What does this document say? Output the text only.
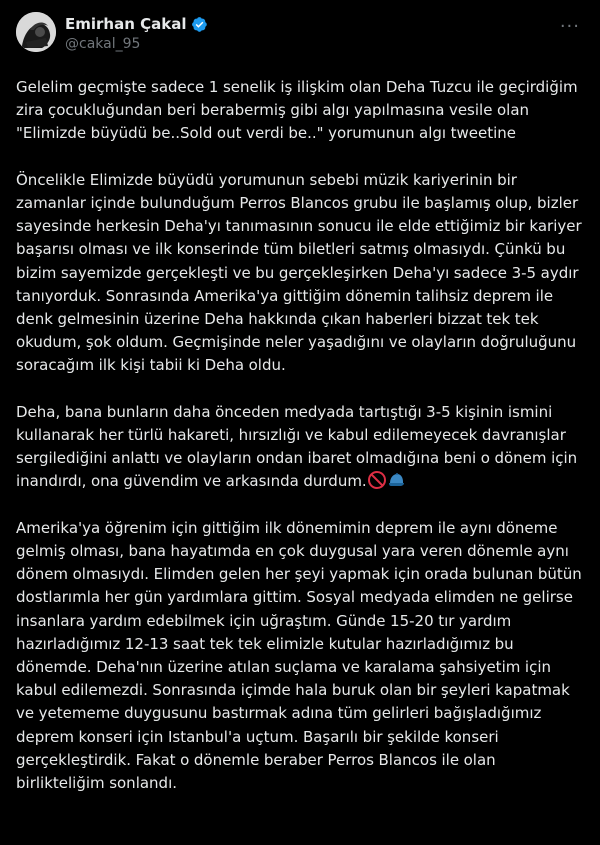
Emirhan Çakal
@cakal_95
···

Gelelim geçmişte sadece 1 senelik iş ilişkim olan Deha Tuzcu ile geçirdiğim zira çocukluğundan beri berabermiş gibi algı yapılmasına vesile olan "Elimizde büyüdü be..Sold out verdi be.." yorumunun algı tweetine

Öncelikle Elimizde büyüdü yorumunun sebebi müzik kariyerinin bir zamanlar içinde bulunduğum Perros Blancos grubu ile başlamış olup, bizler sayesinde herkesin Deha'yı tanımasının sonucu ile elde ettiğimiz bir kariyer başarısı olması ve ilk konserinde tüm biletleri satmış olmasıydı. Çünkü bu bizim sayemizde gerçekleşti ve bu gerçekleşirken Deha'yı sadece 3-5 aydır tanıyorduk. Sonrasında Amerika'ya gittiğim dönemin talihsiz deprem ile denk gelmesinin üzerine Deha hakkında çıkan haberleri bizzat tek tek okudum, şok oldum. Geçmişinde neler yaşadığını ve olayların doğruluğunu soracağım ilk kişi tabii ki Deha oldu.

Deha, bana bunların daha önceden medyada tartıştığı 3-5 kişinin ismini kullanarak her türlü hakareti, hırsızlığı ve kabul edilemeyecek davranışlar sergilediğini anlattı ve olayların ondan ibaret olmadığına beni o dönem için inandırdı, ona güvendim ve arkasında durdum.

Amerika'ya öğrenim için gittiğim ilk dönemimin deprem ile aynı döneme gelmiş olması, bana hayatımda en çok duygusal yara veren dönemle aynı dönem olmasıydı. Elimden gelen her şeyi yapmak için orada bulunan bütün dostlarımla her gün yardımlara gittim. Sosyal medyada elimden ne gelirse insanlara yardım edebilmek için uğraştım. Günde 15-20 tır yardım hazırladığımız 12-13 saat tek tek elimizle kutular hazırladığımız bu dönemde. Deha'nın üzerine atılan suçlama ve karalama şahsiyetim için kabul edilemezdi. Sonrasında içimde hala buruk olan bir şeyleri kapatmak ve yetememe duygusunu bastırmak adına tüm gelirleri bağışladığımız deprem konseri için Istanbul'a uçtum. Başarılı bir şekilde konseri gerçekleştirdik. Fakat o dönemle beraber Perros Blancos ile olan birlikteliğim sonlandı.
